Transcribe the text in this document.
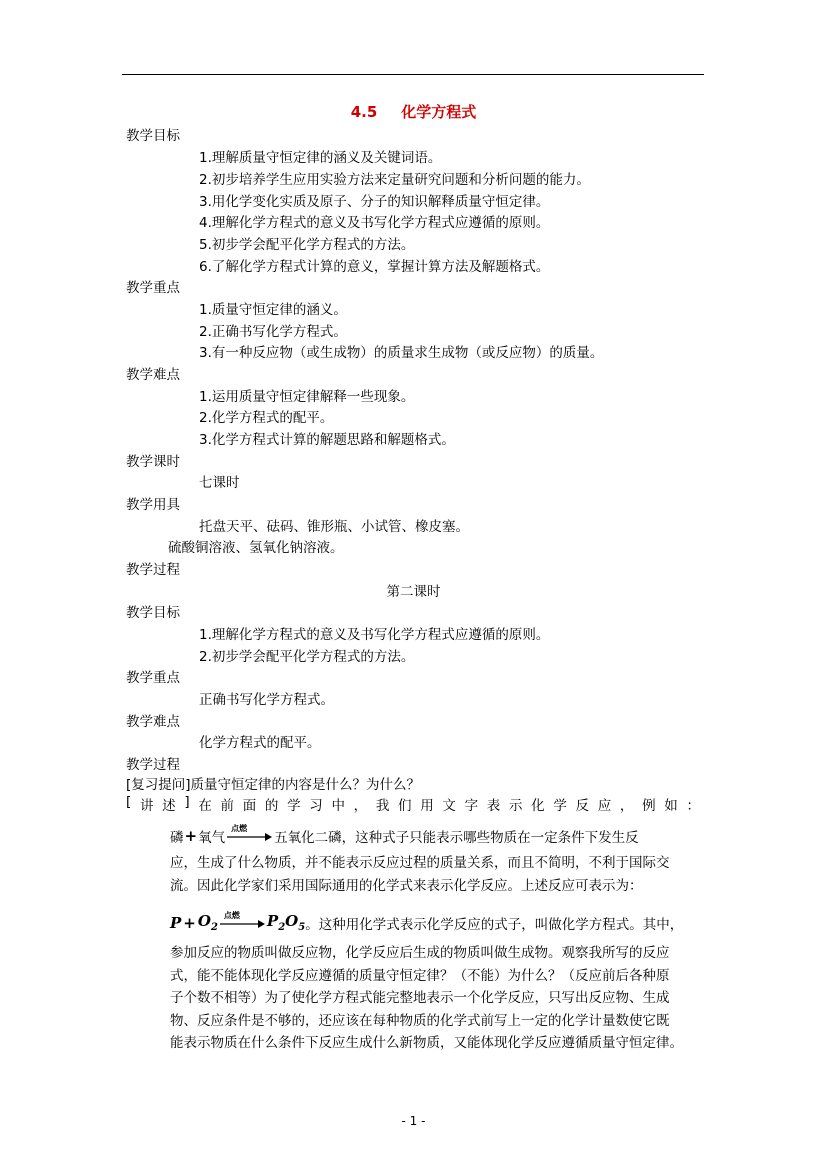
4.5 化学方程式
教学目标
1.理解质量守恒定律的涵义及关键词语。
2.初步培养学生应用实验方法来定量研究问题和分析问题的能力。
3.用化学变化实质及原子、分子的知识解释质量守恒定律。
4.理解化学方程式的意义及书写化学方程式应遵循的原则。
5.初步学会配平化学方程式的方法。
6.了解化学方程式计算的意义，掌握计算方法及解题格式。
教学重点
1.质量守恒定律的涵义。
2.正确书写化学方程式。
3.有一种反应物（或生成物）的质量求生成物（或反应物）的质量。
教学难点
1.运用质量守恒定律解释一些现象。
2.化学方程式的配平。
3.化学方程式计算的解题思路和解题格式。
教学课时
七课时
教学用具
托盘天平、砝码、锥形瓶、小试管、橡皮塞。
硫酸铜溶液、氢氧化钠溶液。
教学过程
第二课时
教学目标
1.理解化学方程式的意义及书写化学方程式应遵循的原则。
2.初步学会配平化学方程式的方法。
教学重点
正确书写化学方程式。
教学难点
化学方程式的配平。
教学过程
[复习提问]质量守恒定律的内容是什么？为什么？
[ 讲 述 ] 在 前 面 的 学 习 中 ， 我 们 用 文 字 表 示 化 学 反 应 ， 例 如 ：
磷 + 氧气
点燃
五氧化二磷 ，这种式子只能表示哪些物质在一定条件下发生反
应，生成了什么物质，并不能表示反应过程的质量关系，而且不简明，不利于国际交
流。因此化学家们采用国际通用的化学式来表示化学反应。上述反应可表示为：
$P + O_2$
点燃 $P_2O_5$ 。这种用化学式表示化学反应的式子，叫做化学方程式。其中，
参加反应的物质叫做反应物，化学反应后生成的物质叫做生成物。观察我所写的反应
式，能不能体现化学反应遵循的质量守恒定律？（不能）为什么？（反应前后各种原
子个数不相等）为了使化学方程式能完整地表示一个化学反应，只写出反应物、生成
物、反应条件是不够的，还应该在每种物质的化学式前写上一定的化学计量数使它既
能表示物质在什么条件下反应生成什么新物质，又能体现化学反应遵循质量守恒定律。
- 1 -
